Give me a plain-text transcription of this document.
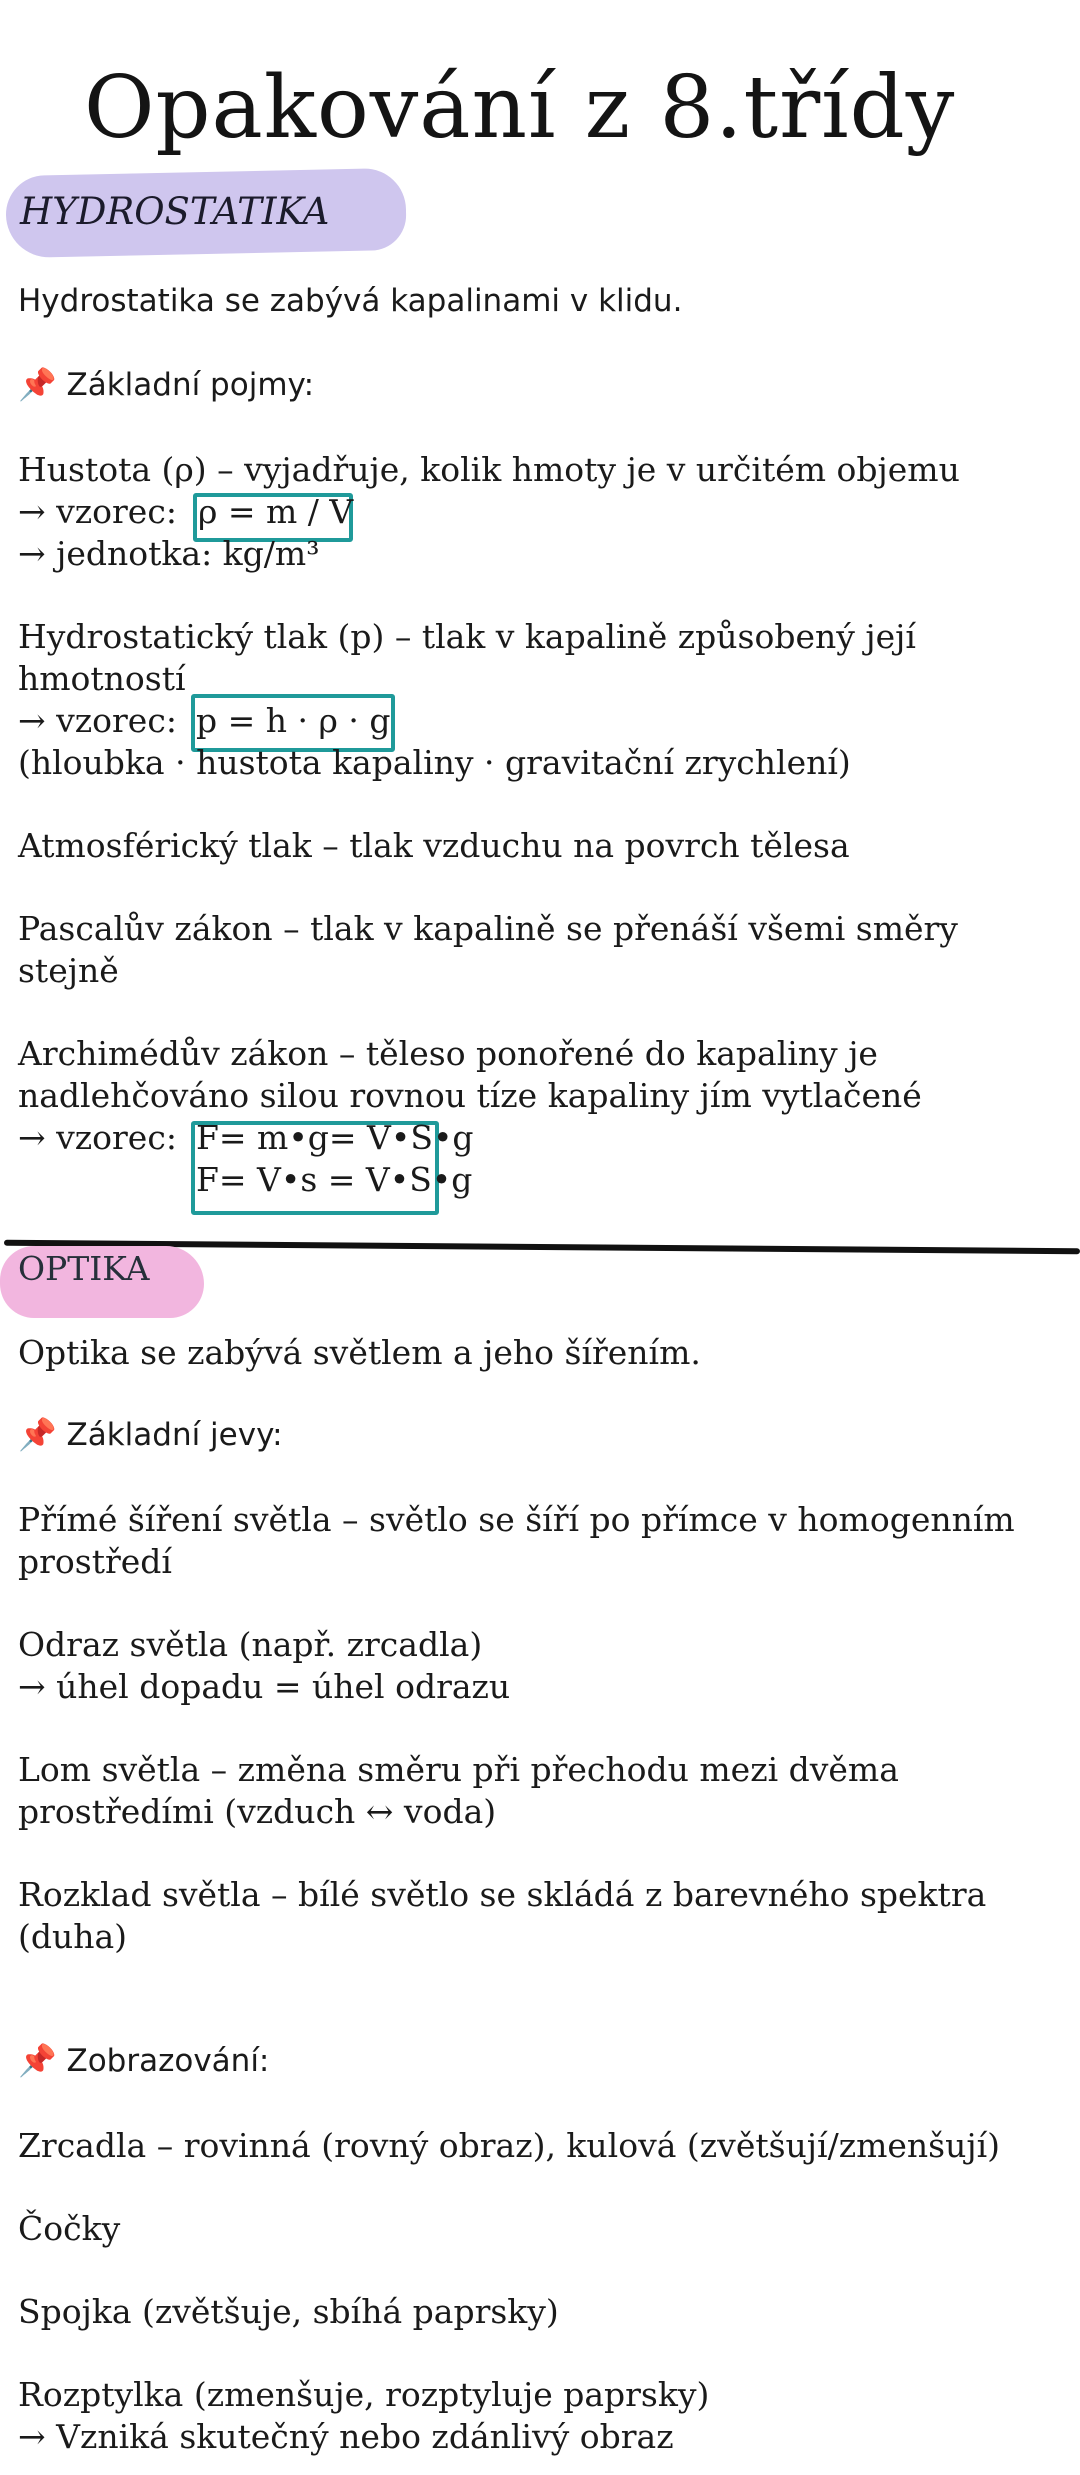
Opakování z 8.třídy
HYDROSTATIKA
Hydrostatika se zabývá kapalinami v klidu.
📌 Základní pojmy:
Hustota (ρ) – vyjadřuje, kolik hmoty je v určitém objemu
→ vzorec: ρ = m / V
→ jednotka: kg/m³
Hydrostatický tlak (p) – tlak v kapalině způsobený její
hmotností
→ vzorec: p = h · ρ · g
(hloubka · hustota kapaliny · gravitační zrychlení)
Atmosférický tlak – tlak vzduchu na povrch tělesa
Pascalův zákon – tlak v kapalině se přenáší všemi směry
stejně
Archimédův zákon – těleso ponořené do kapaliny je
nadlehčováno silou rovnou tíze kapaliny jím vytlačené
→ vzorec: F= m•g= V•S•g
F= V•s = V•S•g
OPTIKA
Optika se zabývá světlem a jeho šířením.
📌 Základní jevy:
Přímé šíření světla – světlo se šíří po přímce v homogenním
prostředí
Odraz světla (např. zrcadla)
→ úhel dopadu = úhel odrazu
Lom světla – změna směru při přechodu mezi dvěma
prostředími (vzduch ↔ voda)
Rozklad světla – bílé světlo se skládá z barevného spektra
(duha)
📌 Zobrazování:
Zrcadla – rovinná (rovný obraz), kulová (zvětšují/zmenšují)
Čočky
Spojka (zvětšuje, sbíhá paprsky)
Rozptylka (zmenšuje, rozptyluje paprsky)
→ Vzniká skutečný nebo zdánlivý obraz
